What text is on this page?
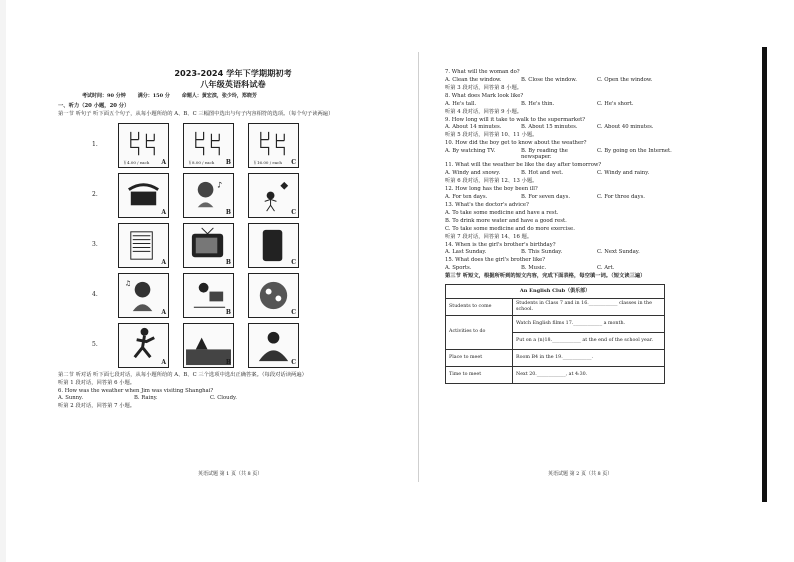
2023-2024 学年下学期期初考
八年级英语科试卷
考试时间：90 分钟 满分：150 分 命题人：黄宏滨，张少玲，郑晓芳
一、听力（20 小题，20 分）
第一节 听句子 听下面五个句子，从每小题所给的 A、B、C 三幅图中选出与句子内容相符的选项。（每个句子读两遍）
1.
￥4.00 / each A	￥8.00 / each B	￥16.00 / each C
2.
A
♪
B	C
3.
A	B	C
4.
♫
A	B	C
5.
A	B	C
第二节 听对话 听下面七段对话，从每小题所给的 A、B、C 三个选项中选出正确答案。（每段对话读两遍）
听第 1 段对话，回答第 6 小题。
6. How was the weather when Jim was visiting Shanghai?
A. Sunny.	B. Rainy.	C. Cloudy.
听第 2 段对话，回答第 7 小题。
英语试题 第 1 页（共 8 页）
7. What will the woman do?
A. Clean the window.	B. Close the window.	C. Open the window.
听第 3 段对话，回答第 8 小题。
8. What does Mark look like?
A. He's tall.	B. He's thin.	C. He's short.
听第 4 段对话，回答第 9 小题。
9. How long will it take to walk to the supermarket?
A. About 14 minutes.	B. About 15 minutes.	C. About 40 minutes.
听第 5 段对话，回答第 10、11 小题。
10. How did the boy get to know about the weather?
A. By watching TV.	B. By reading the newspaper.
C. By going on the Internet.
11. What will the weather be like the day after tomorrow?
A. Windy and snowy.	B. Hot and wet.	C. Windy and rainy.
听第 6 段对话，回答第 12、13 小题。
12. How long has the boy been ill?
A. For ten days.	B. For seven days.	C. For three days.
13. What's the doctor's advice?
A. To take some medicine and have a rest.
B. To drink more water and have a good rest.
C. To take some medicine and do more exercise.
听第 7 段对话，回答第 14、16 题。
14. When is the girl's brother's birthday?
A. Last Sunday.	B. This Sunday.	C. Next Sunday.
15. What does the girl's brother like?
A. Sports.	B. Music.	C. Art.
第三节 听短文，根据所听到的短文内容，完成下面表格，每空填一词。（短文读三遍）
An English Club（俱乐部）	
Students to come	Students in Class 7 and in 16.____________ classes in the school.
Activities to do	Watch English films 17.____________ a month.
	Put on a (n)18.____________ at the end of the school year.
Place to meet	Room B4 in the 19.____________.
Time to meet	Next 20.____________, at 4:30.
英语试题 第 2 页（共 8 页）
